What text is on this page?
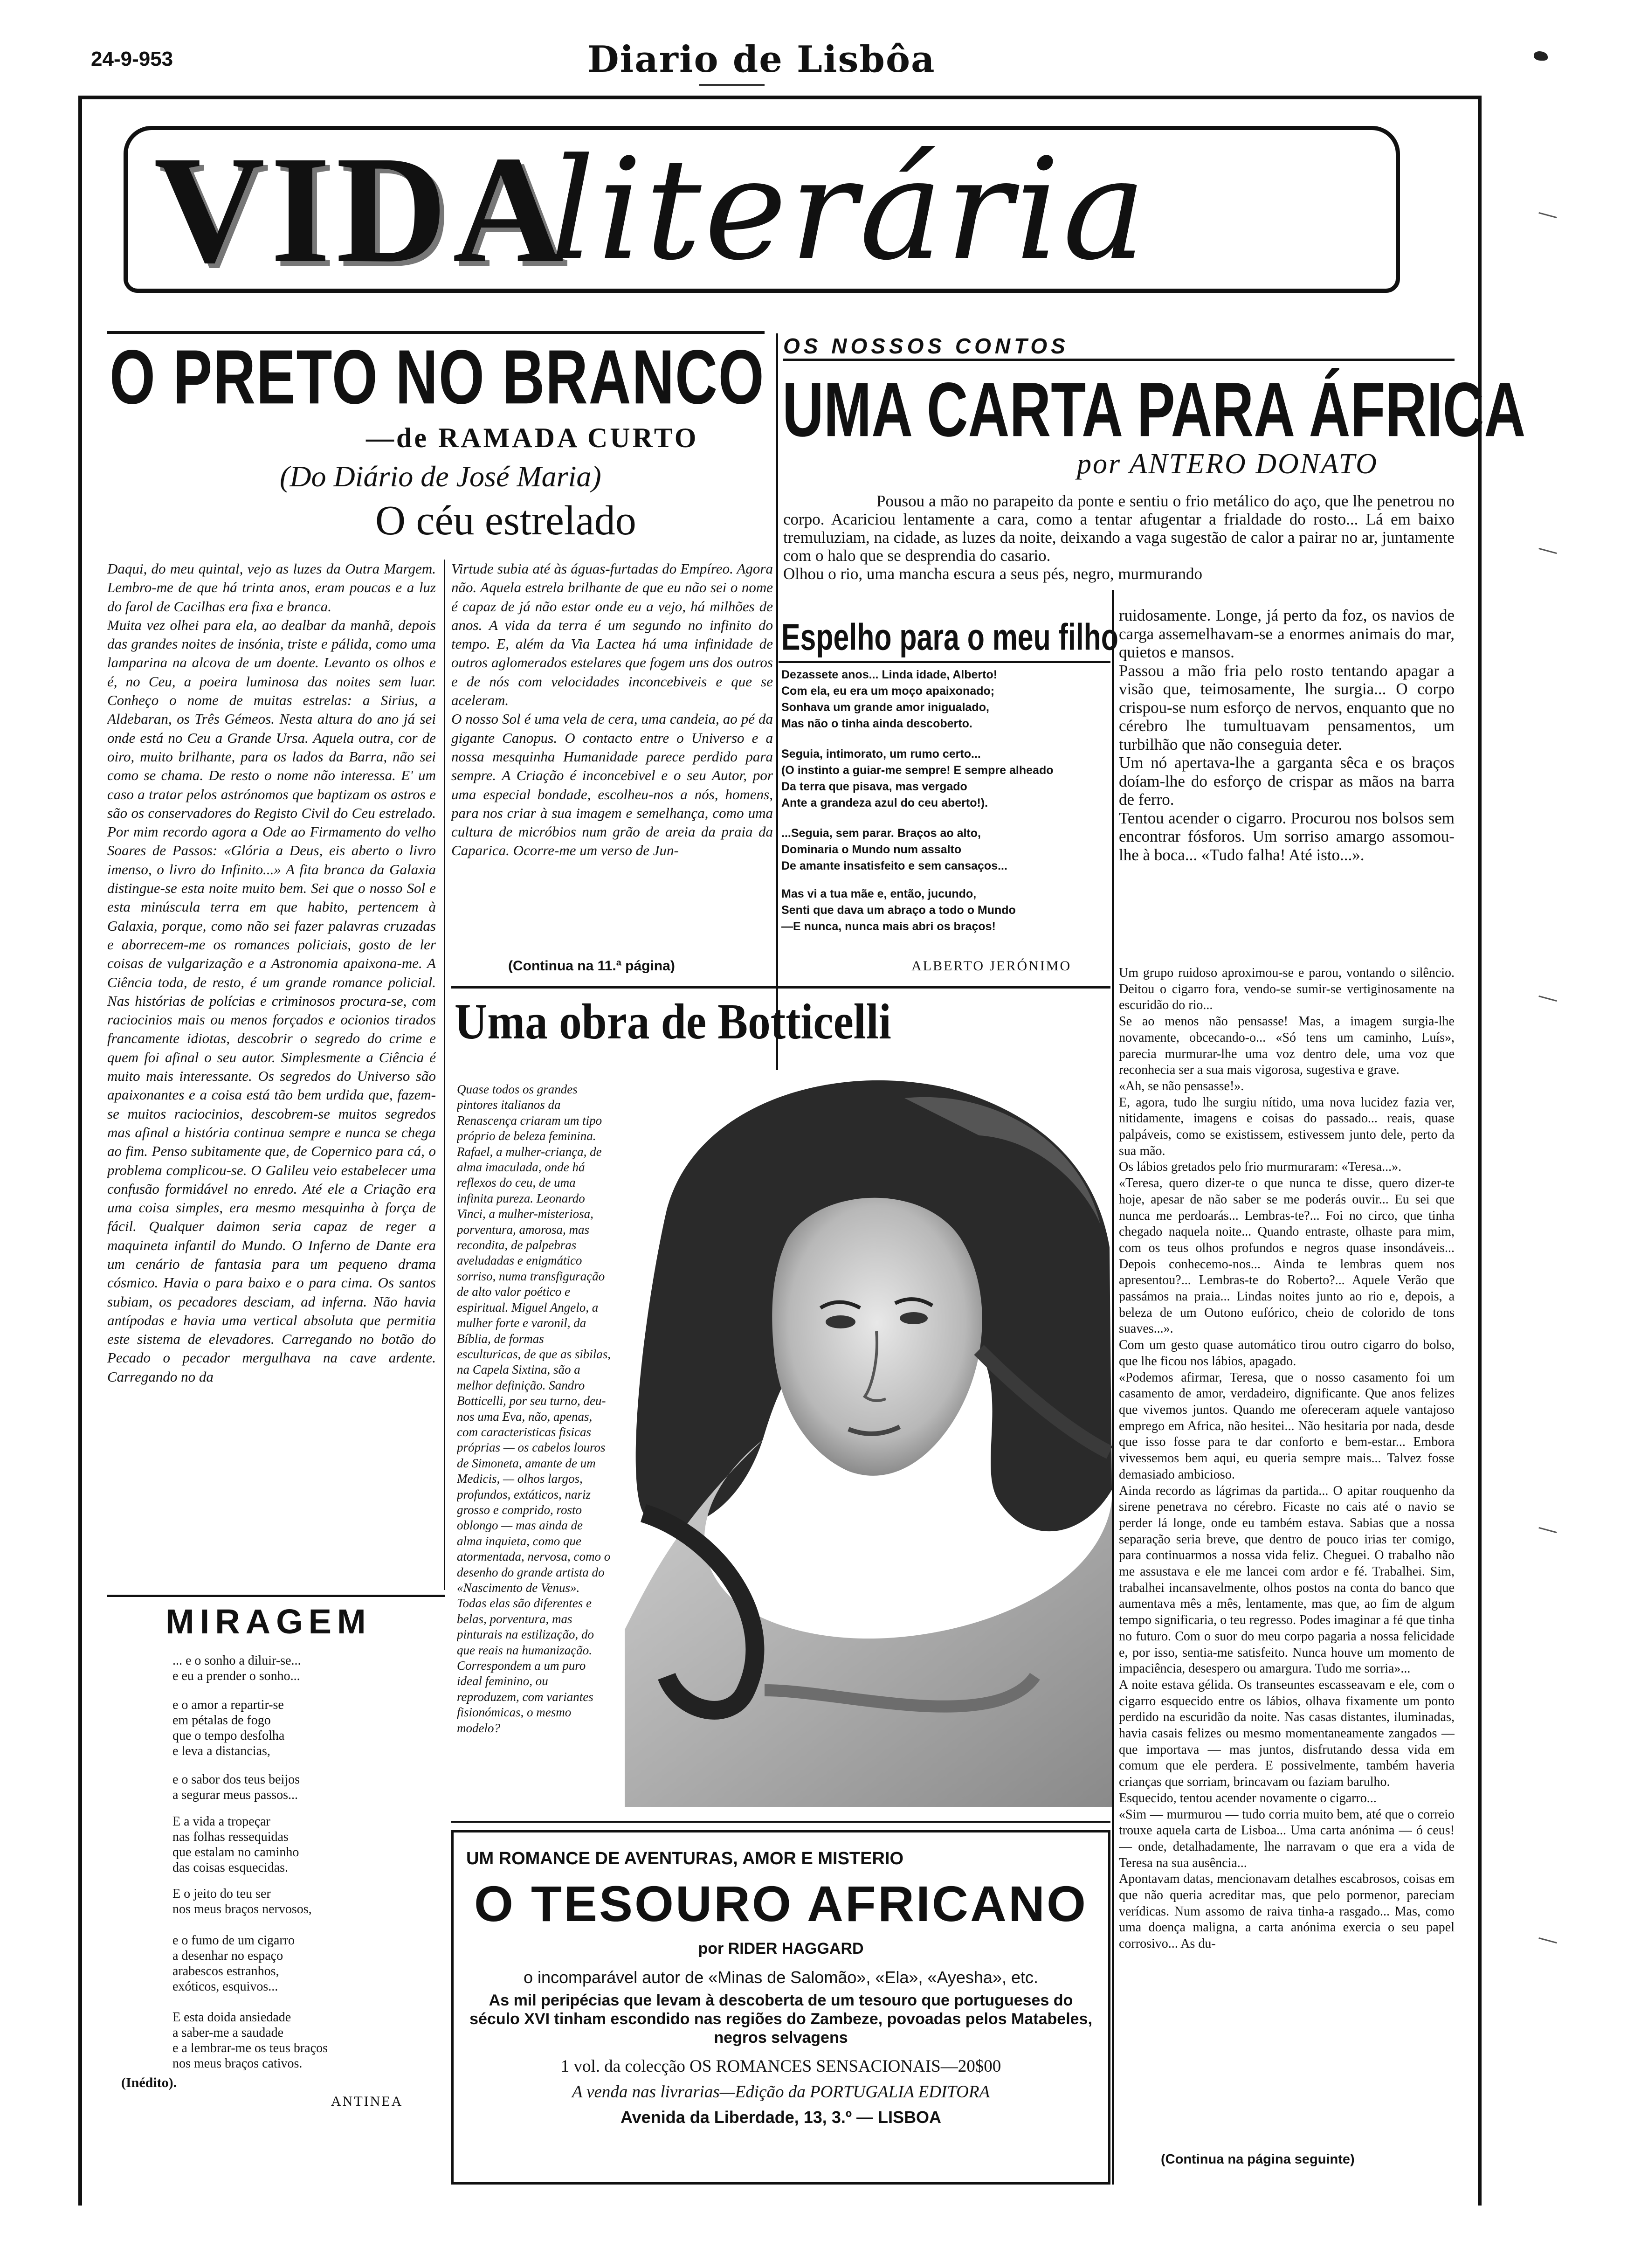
24-9-953	Diario de Lisbôa
VIDA
literária
O PRETO NO BRANCO
—de RAMADA CURTO
(Do Diário de José Maria)
O céu estrelado
Daqui, do meu quintal, vejo as luzes da Outra Margem. Lembro-me de que há trinta anos, eram poucas e a luz do farol de Cacilhas era fixa e branca.
Muita vez olhei para ela, ao dealbar da manhã, depois das grandes noites de insónia, triste e pálida, como uma lamparina na alcova de um doente. Levanto os olhos e é, no Ceu, a poeira luminosa das noites sem luar. Conheço o nome de muitas estrelas: a Sirius, a Aldebaran, os Três Gémeos. Nesta altura do ano já sei onde está no Ceu a Grande Ursa. Aquela outra, cor de oiro, muito brilhante, para os lados da Barra, não sei como se chama. De resto o nome não interessa. E' um caso a tratar pelos astrónomos que baptizam os astros e são os conservadores do Registo Civil do Ceu estrelado. Por mim recordo agora a Ode ao Firmamento do velho Soares de Passos: «Glória a Deus, eis aberto o livro imenso, o livro do Infinito...» A fita branca da Galaxia distingue-se esta noite muito bem. Sei que o nosso Sol e esta minúscula terra em que habito, pertencem à Galaxia, porque, como não sei fazer palavras cruzadas e aborrecem-me os romances policiais, gosto de ler coisas de vulgarização e a Astronomia apaixona-me. A Ciência toda, de resto, é um grande romance policial. Nas histórias de polícias e criminosos procura-se, com raciocinios mais ou menos forçados e ocionios tirados francamente idiotas, descobrir o segredo do crime e quem foi afinal o seu autor. Simplesmente a Ciência é muito mais interessante. Os segredos do Universo são apaixonantes e a coisa está tão bem urdida que, fazem-se muitos raciocinios, descobrem-se muitos segredos mas afinal a história continua sempre e nunca se chega ao fim. Penso subitamente que, de Copernico para cá, o problema complicou-se. O Galileu veio estabelecer uma confusão formidável no enredo. Até ele a Criação era uma coisa simples, era mesmo mesquinha à força de fácil. Qualquer daimon seria capaz de reger a maquineta infantil do Mundo. O Inferno de Dante era um cenário de fantasia para um pequeno drama cósmico. Havia o para baixo e o para cima. Os santos subiam, os pecadores desciam, ad inferna. Não havia antípodas e havia uma vertical absoluta que permitia este sistema de elevadores. Carregando no botão do Pecado o pecador mergulhava na cave ardente. Carregando no da
Virtude subia até às águas-furtadas do Empíreo. Agora não. Aquela estrela brilhante de que eu não sei o nome é capaz de já não estar onde eu a vejo, há milhões de anos. A vida da terra é um segundo no infinito do tempo. E, além da Via Lactea há uma infinidade de outros aglomerados estelares que fogem uns dos outros e de nós com velocidades inconcebiveis e que se aceleram.
O nosso Sol é uma vela de cera, uma candeia, ao pé da gigante Canopus. O contacto entre o Universo e a nossa mesquinha Humanidade parece perdido para sempre. A Criação é inconcebivel e o seu Autor, por uma especial bondade, escolheu-nos a nós, homens, para nos criar à sua imagem e semelhança, como uma cultura de micróbios num grão de areia da praia da Caparica. Ocorre-me um verso de Jun-
(Continua na 11.ª página)
MIRAGEM
... e o sonho a diluir-se...
e eu a prender o sonho...
e o amor a repartir-se
em pétalas de fogo
que o tempo desfolha
e leva a distancias,
e o sabor dos teus beijos
a segurar meus passos...
E a vida a tropeçar
nas folhas ressequidas
que estalam no caminho
das coisas esquecidas.
E o jeito do teu ser
nos meus braços nervosos,
e o fumo de um cigarro
a desenhar no espaço
arabescos estranhos,
exóticos, esquivos...
E esta doida ansiedade
a saber-me a saudade
e a lembrar-me os teus braços
nos meus braços cativos.
(Inédito).
ANTINEA
OS NOSSOS CONTOS
UMA CARTA PARA ÁFRICA
por ANTERO DONATO
Pousou a mão no parapeito da ponte e sentiu o frio metálico do aço, que lhe penetrou no corpo. Acariciou lentamente a cara, como a tentar afugentar a frialdade do rosto... Lá em baixo tremuluziam, na cidade, as luzes da noite, deixando a vaga sugestão de calor a pairar no ar, juntamente com o halo que se desprendia do casario.
Olhou o rio, uma mancha escura a seus pés, negro, murmurando
ruidosamente. Longe, já perto da foz, os navios de carga assemelhavam-se a enormes animais do mar, quietos e mansos.
Passou a mão fria pelo rosto tentando apagar a visão que, teimosamente, lhe surgia... O corpo crispou-se num esforço de nervos, enquanto que no cérebro lhe tumultuavam pensamentos, um turbilhão que não conseguia deter.
Um nó apertava-lhe a garganta sêca e os braços doíam-lhe do esforço de crispar as mãos na barra de ferro.
Tentou acender o cigarro. Procurou nos bolsos sem encontrar fósforos. Um sorriso amargo assomou-lhe à boca... «Tudo falha! Até isto...».
Um grupo ruidoso aproximou-se e parou, vontando o silêncio. Deitou o cigarro fora, vendo-se sumir-se vertiginosamente na escuridão do rio...
Se ao menos não pensasse! Mas, a imagem surgia-lhe novamente, obcecando-o... «Só tens um caminho, Luís», parecia murmurar-lhe uma voz dentro dele, uma voz que reconhecia ser a sua mais vigorosa, sugestiva e grave.
«Ah, se não pensasse!».
E, agora, tudo lhe surgiu nítido, uma nova lucidez fazia ver, nitidamente, imagens e coisas do passado... reais, quase palpáveis, como se existissem, estivessem junto dele, perto da sua mão.
Os lábios gretados pelo frio murmuraram: «Teresa...».
«Teresa, quero dizer-te o que nunca te disse, quero dizer-te hoje, apesar de não saber se me poderás ouvir... Eu sei que nunca me perdoarás... Lembras-te?... Foi no circo, que tinha chegado naquela noite... Quando entraste, olhaste para mim, com os teus olhos profundos e negros quase insondáveis... Depois conhecemo-nos... Ainda te lembras quem nos apresentou?... Lembras-te do Roberto?... Aquele Verão que passámos na praia... Lindas noites junto ao rio e, depois, a beleza de um Outono eufórico, cheio de colorido de tons suaves...».
Com um gesto quase automático tirou outro cigarro do bolso, que lhe ficou nos lábios, apagado.
«Podemos afirmar, Teresa, que o nosso casamento foi um casamento de amor, verdadeiro, dignificante. Que anos felizes que vivemos juntos. Quando me ofereceram aquele vantajoso emprego em Africa, não hesitei... Não hesitaria por nada, desde que isso fosse para te dar conforto e bem-estar... Embora vivessemos bem aqui, eu queria sempre mais... Talvez fosse demasiado ambicioso.
Ainda recordo as lágrimas da partida... O apitar rouquenho da sirene penetrava no cérebro. Ficaste no cais até o navio se perder lá longe, onde eu também estava. Sabias que a nossa separação seria breve, que dentro de pouco irias ter comigo, para continuarmos a nossa vida feliz. Cheguei. O trabalho não me assustava e ele me lancei com ardor e fé. Trabalhei. Sim, trabalhei incansavelmente, olhos postos na conta do banco que aumentava mês a mês, lentamente, mas que, ao fim de algum tempo significaria, o teu regresso. Podes imaginar a fé que tinha no futuro. Com o suor do meu corpo pagaria a nossa felicidade e, por isso, sentia-me satisfeito. Nunca houve um momento de impaciência, desespero ou amargura. Tudo me sorria»...
A noite estava gélida. Os transeuntes escasseavam e ele, com o cigarro esquecido entre os lábios, olhava fixamente um ponto perdido na escuridão da noite. Nas casas distantes, iluminadas, havia casais felizes ou mesmo momentaneamente zangados — que importava — mas juntos, disfrutando dessa vida em comum que ele perdera. E possivelmente, também haveria crianças que sorriam, brincavam ou faziam barulho.
Esquecido, tentou acender novamente o cigarro...
«Sim — murmurou — tudo corria muito bem, até que o correio trouxe aquela carta de Lisboa... Uma carta anónima — ó ceus! — onde, detalhadamente, lhe narravam o que era a vida de Teresa na sua ausência...
Apontavam datas, mencionavam detalhes escabrosos, coisas em que não queria acreditar mas, que pelo pormenor, pareciam verídicas. Num assomo de raiva tinha-a rasgado... Mas, como uma doença maligna, a carta anónima exercia o seu papel corrosivo... As du-
(Continua na página seguinte)
Espelho para o meu filho
Dezassete anos... Linda idade, Alberto!
Com ela, eu era um moço apaixonado;
Sonhava um grande amor inigualado,
Mas não o tinha ainda descoberto.
Seguia, intimorato, um rumo certo...
(O instinto a guiar-me sempre! E sempre alheado
Da terra que pisava, mas vergado
Ante a grandeza azul do ceu aberto!).
...Seguia, sem parar. Braços ao alto,
Dominaria o Mundo num assalto
De amante insatisfeito e sem cansaços...
Mas vi a tua mãe e, então, jucundo,
Senti que dava um abraço a todo o Mundo
—E nunca, nunca mais abri os braços!
ALBERTO JERÓNIMO
Uma obra de Botticelli
Quase todos os grandes pintores italianos da Renascença criaram um tipo próprio de beleza feminina.
Rafael, a mulher-criança, de alma imaculada, onde há reflexos do ceu, de uma infinita pureza. Leonardo Vinci, a mulher-misteriosa, porventura, amorosa, mas recondita, de palpebras aveludadas e enigmático sorriso, numa transfiguração de alto valor poético e espiritual. Miguel Angelo, a mulher forte e varonil, da Bíblia, de formas esculturicas, de que as sibilas, na Capela Sixtina, são a melhor definição. Sandro Botticelli, por seu turno, deu-nos uma Eva, não, apenas, com caracteristicas fisicas próprias — os cabelos louros de Simoneta, amante de um Medicis, — olhos largos, profundos, extáticos, nariz grosso e comprido, rosto oblongo — mas ainda de alma inquieta, como que atormentada, nervosa, como o desenho do grande artista do «Nascimento de Venus».
Todas elas são diferentes e belas, porventura, mas pinturais na estilização, do que reais na humanização. Correspondem a um puro ideal feminino, ou reproduzem, com variantes fisionómicas, o mesmo modelo?
UM ROMANCE DE AVENTURAS, AMOR E MISTERIO
O TESOURO AFRICANO
por RIDER HAGGARD
o incomparável autor de «Minas de Salomão», «Ela», «Ayesha», etc.
As mil peripécias que levam à descoberta de um tesouro que portugueses do século XVI tinham escondido nas regiões do Zambeze, povoadas pelos Matabeles, negros selvagens
1 vol. da colecção OS ROMANCES SENSACIONAIS—20$00
A venda nas livrarias—Edição da PORTUGALIA EDITORA
Avenida da Liberdade, 13, 3.º — LISBOA
